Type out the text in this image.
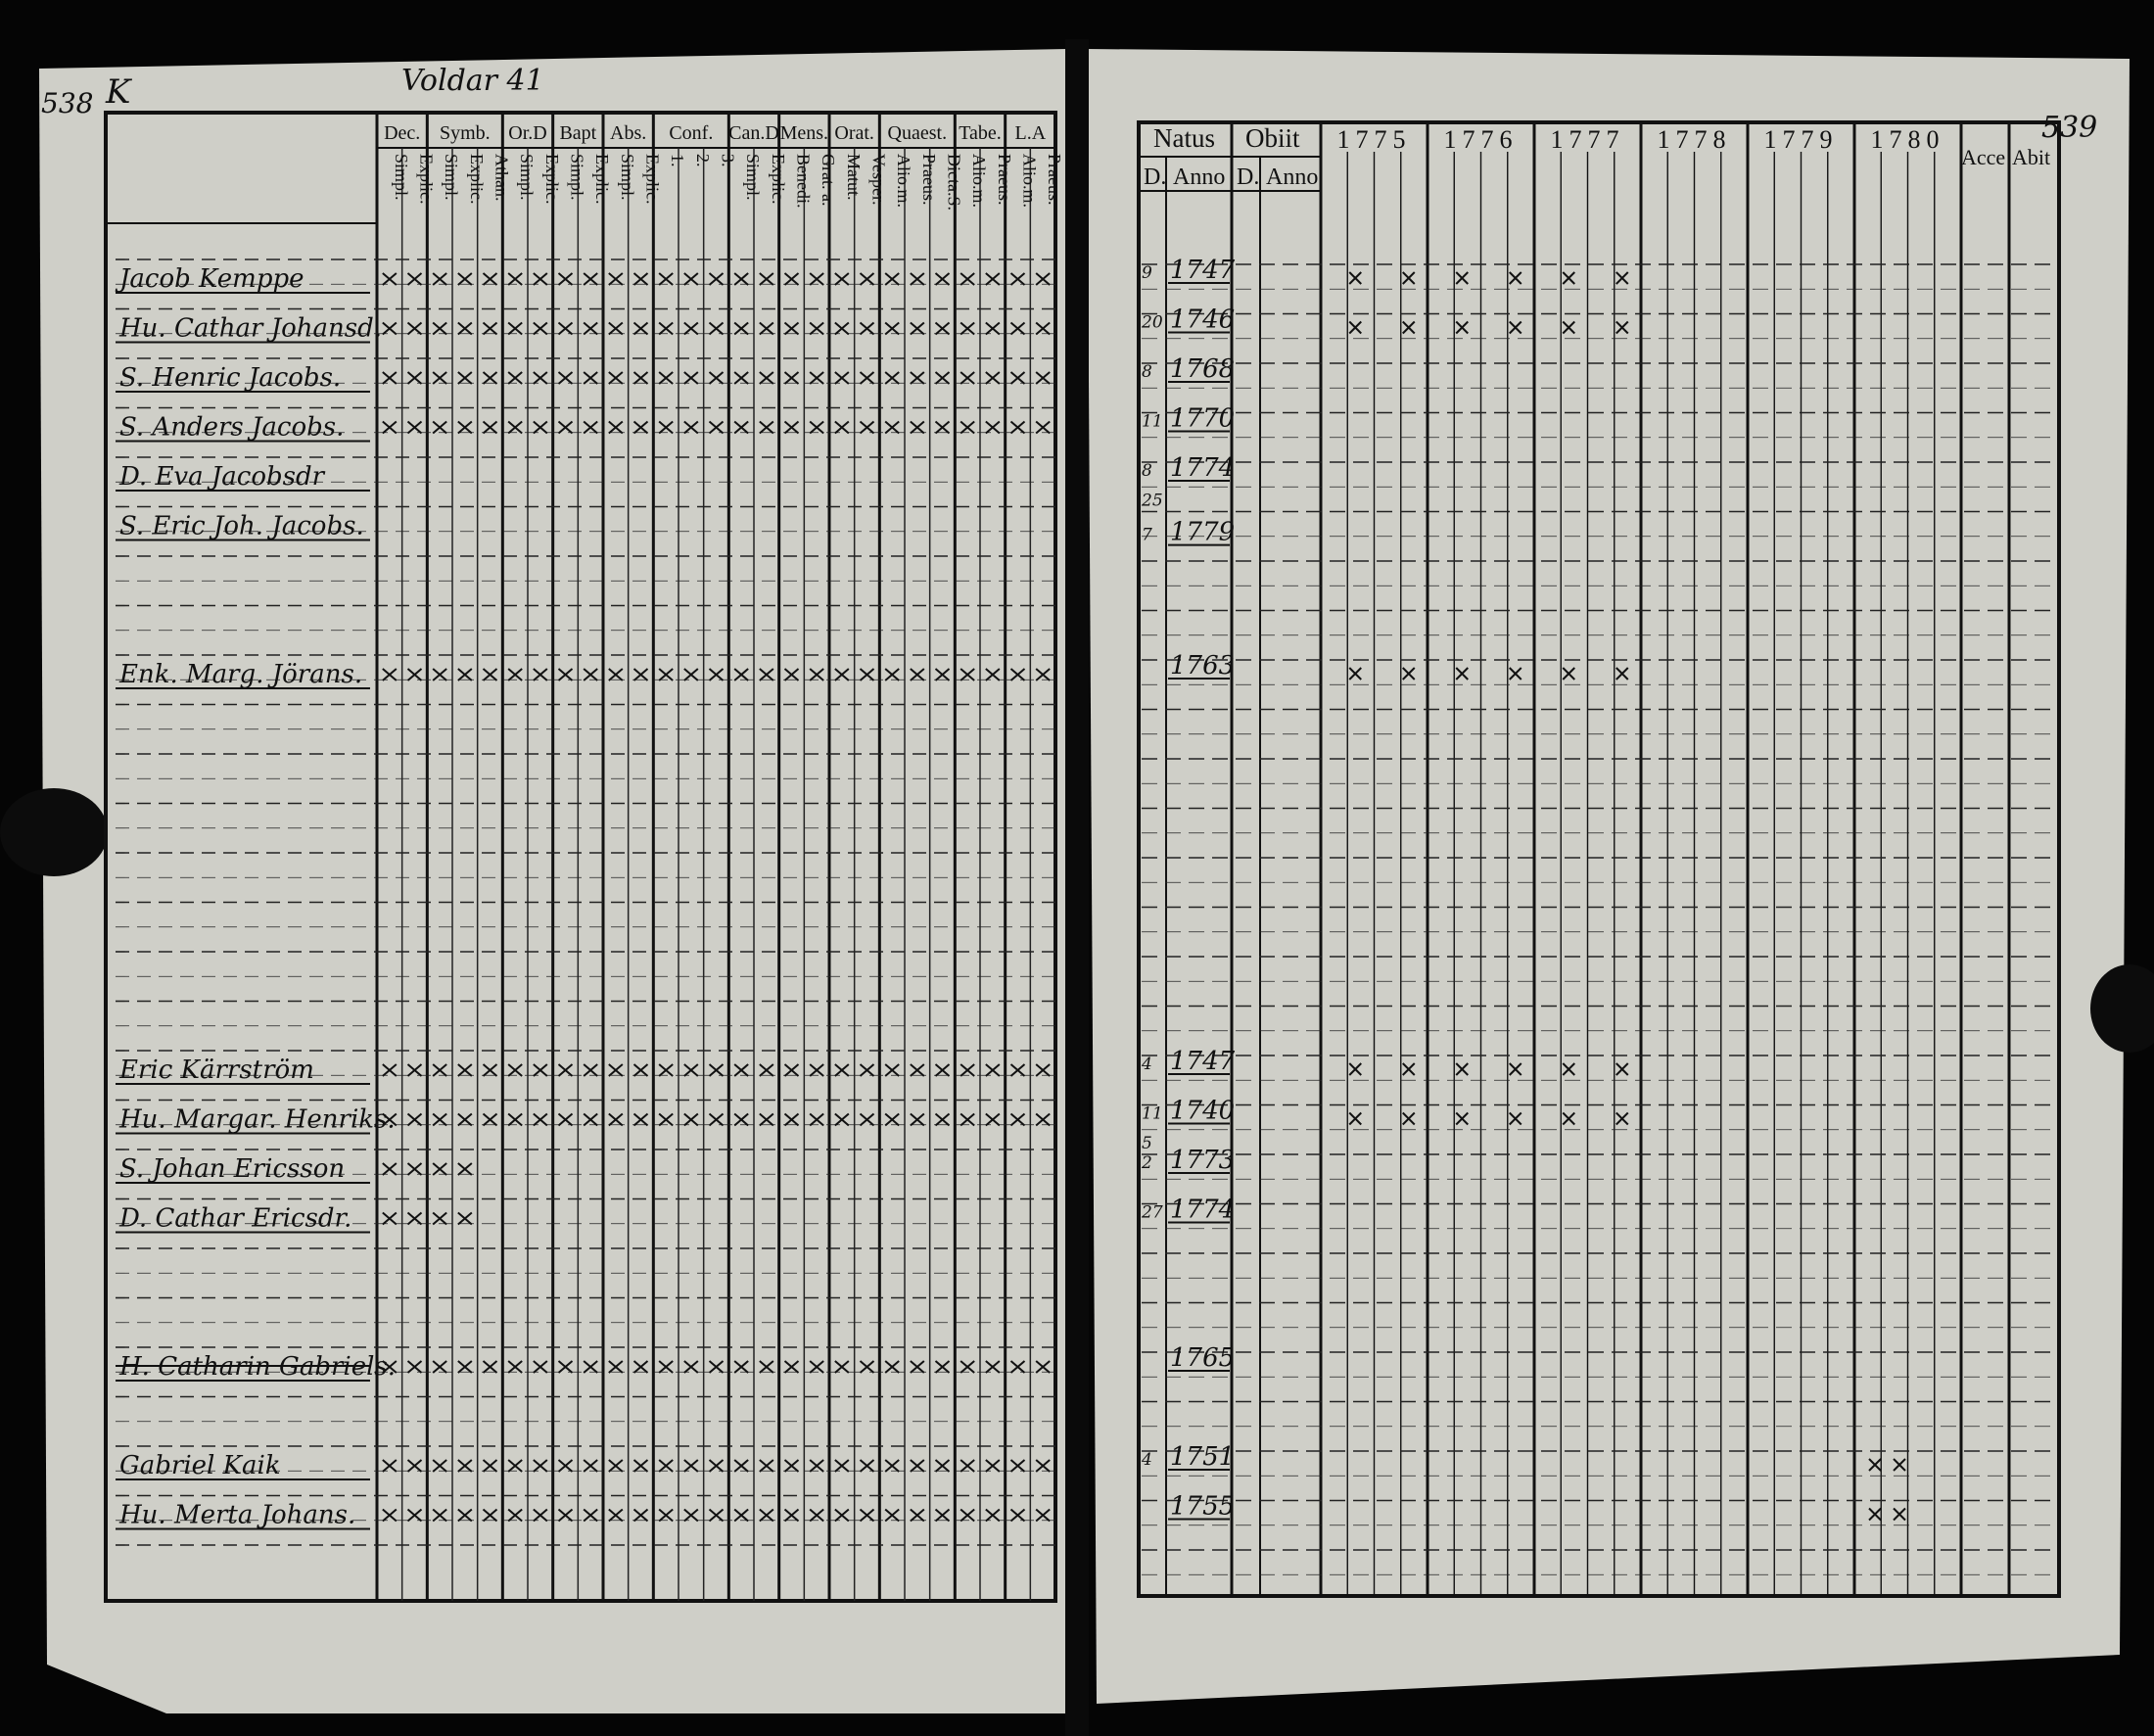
538 K	Voldar 41
539
Dec. Symb. Or.D Bapt Abs. Conf. Can.D Mens. Orat. Quaest. Tabe. L.A
Simpl. Explic. Simpl. Explic. Athan. Simpl. Explic. Simpl. Explic. Simpl. Explic. 1. 2. 3. Simpl. Explic. Benedi. Grat. a. Matut. Vesper. Alio.m. Praeus. Dicta.S. Alio.m. Praeus. Alio.m. Praeus.
Jacob Kemppe
Hu. Cathar Johansd.
S. Henric Jacobs.
S. Anders Jacobs.
D. Eva Jacobsdr
S. Eric Joh. Jacobs.
Enk. Marg. Jörans.
Eric Kärrström
Hu. Margar. Henriks.
S. Johan Ericsson
D. Cathar Ericsdr.
H. Catharin Gabriels.
Gabriel Kaik
Hu. Merta Johans.
Natus Obiit
D. Anno D. Anno
1775 1776 1777 1778 1779 1780
Acce Abit
9 1747
20 1746
8 1768
11 1770
8 1774
25
7 1779
1763
4 1747
11 1740
5
2 1773
27 1774
1765
4 1751
1755
